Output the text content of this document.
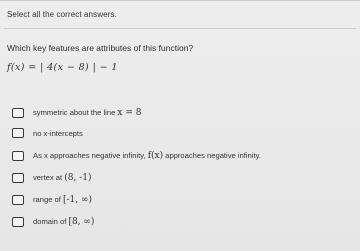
Select all the correct answers.
Which key features are attributes of this function?
f(x) = | 4(x − 8) | − 1
symmetric about the line x = 8
no x-intercepts
As x approaches negative infinity, f(x) approaches negative infinity.
vertex at (8, -1)
range of [-1, ∞)
domain of [8, ∞)
